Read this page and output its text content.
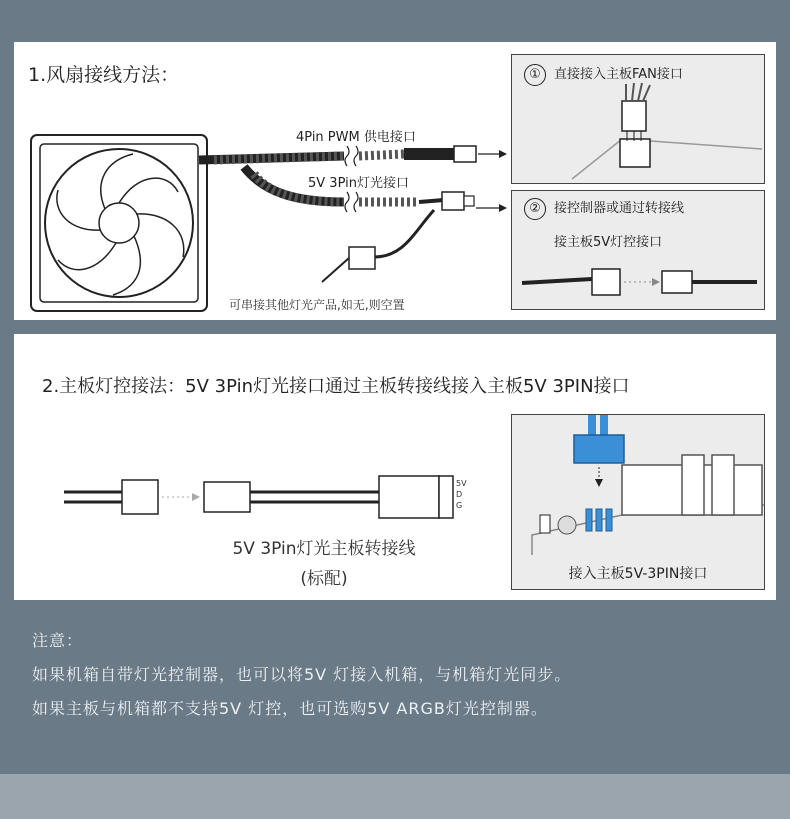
1.风扇接线方法：
4Pin PWM 供电接口
5V 3Pin灯光接口
可串接其他灯光产品,如无,则空置
① 直接接入主板FAN接口
② 接控制器或通过转接线
接主板5V灯控接口
2.主板灯控接法：5V 3Pin灯光接口通过主板转接线接入主板5V 3PIN接口
5V
D
G
5V 3Pin灯光主板转接线
(标配)	接入主板5V-3PIN接口
注意：
如果机箱自带灯光控制器，也可以将5V 灯接入机箱，与机箱灯光同步。
如果主板与机箱都不支持5V 灯控，也可选购5V ARGB灯光控制器。
